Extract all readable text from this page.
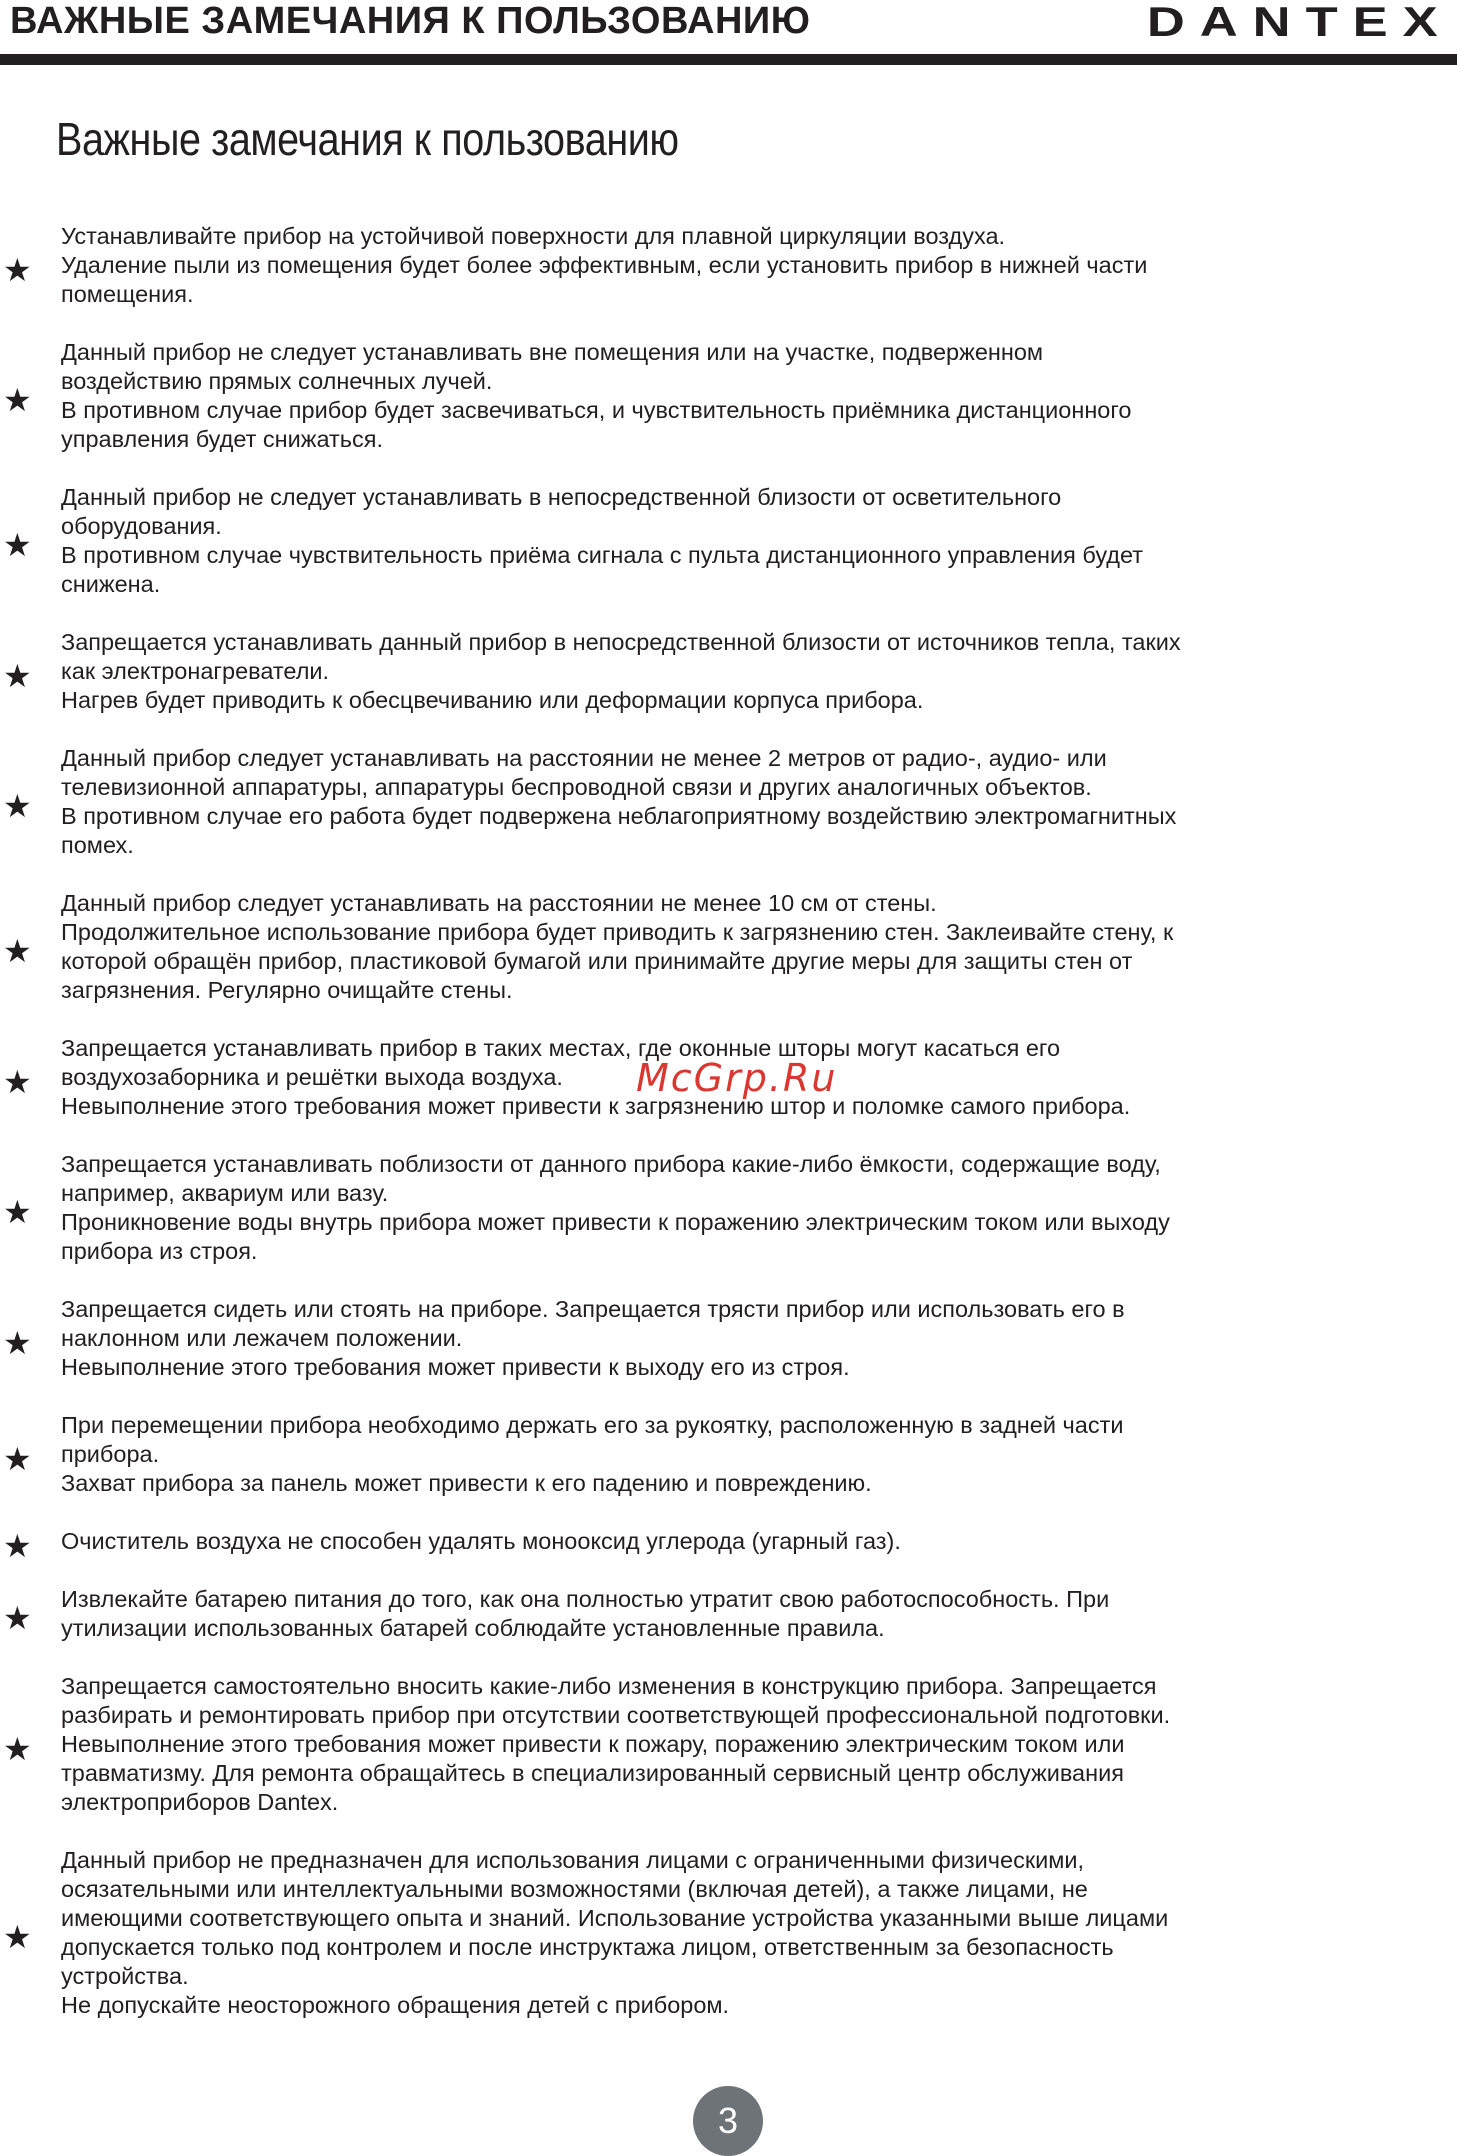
ВАЖНЫЕ ЗАМЕЧАНИЯ К ПОЛЬЗОВАНИЮ	DANTEX
Важные замечания к пользованию
★
Устанавливайте прибор на устойчивой поверхности для плавной циркуляции воздуха.
Удаление пыли из помещения будет более эффективным, если установить прибор в нижней части
помещения.
★
Данный прибор не следует устанавливать вне помещения или на участке, подверженном
воздействию прямых солнечных лучей.
В противном случае прибор будет засвечиваться, и чувствительность приёмника дистанционного
управления будет снижаться.
★
Данный прибор не следует устанавливать в непосредственной близости от осветительного
оборудования.
В противном случае чувствительность приёма сигнала с пульта дистанционного управления будет
снижена.
★
Запрещается устанавливать данный прибор в непосредственной близости от источников тепла, таких
как электронагреватели.
Нагрев будет приводить к обесцвечиванию или деформации корпуса прибора.
★
Данный прибор следует устанавливать на расстоянии не менее 2 метров от радио-, аудио- или
телевизионной аппаратуры, аппаратуры беспроводной связи и других аналогичных объектов.
В противном случае его работа будет подвержена неблагоприятному воздействию электромагнитных
помех.
★
Данный прибор следует устанавливать на расстоянии не менее 10 см от стены.
Продолжительное использование прибора будет приводить к загрязнению стен. Заклеивайте стену, к
которой обращён прибор, пластиковой бумагой или принимайте другие меры для защиты стен от
загрязнения. Регулярно очищайте стены.
★
Запрещается устанавливать прибор в таких местах, где оконные шторы могут касаться его
воздухозаборника и решётки выхода воздуха.
Невыполнение этого требования может привести к загрязнению штор и поломке самого прибора.
★
Запрещается устанавливать поблизости от данного прибора какие-либо ёмкости, содержащие воду,
например, аквариум или вазу.
Проникновение воды внутрь прибора может привести к поражению электрическим током или выходу
прибора из строя.
★
Запрещается сидеть или стоять на приборе. Запрещается трясти прибор или использовать его в
наклонном или лежачем положении.
Невыполнение этого требования может привести к выходу его из строя.
★
При перемещении прибора необходимо держать его за рукоятку, расположенную в задней части
прибора.
Захват прибора за панель может привести к его падению и повреждению.
★ Очиститель воздуха не способен удалять монооксид углерода (угарный газ).
★
Извлекайте батарею питания до того, как она полностью утратит свою работоспособность. При
утилизации использованных батарей соблюдайте установленные правила.
★
Запрещается самостоятельно вносить какие-либо изменения в конструкцию прибора. Запрещается
разбирать и ремонтировать прибор при отсутствии соответствующей профессиональной подготовки.
Невыполнение этого требования может привести к пожару, поражению электрическим током или
травматизму. Для ремонта обращайтесь в специализированный сервисный центр обслуживания
электроприборов Dantex.
★
Данный прибор не предназначен для использования лицами с ограниченными физическими,
осязательными или интеллектуальными возможностями (включая детей), а также лицами, не
имеющими соответствующего опыта и знаний. Использование устройства указанными выше лицами
допускается только под контролем и после инструктажа лицом, ответственным за безопасность
устройства.
Не допускайте неосторожного обращения детей с прибором.
McGrp.Ru
3
